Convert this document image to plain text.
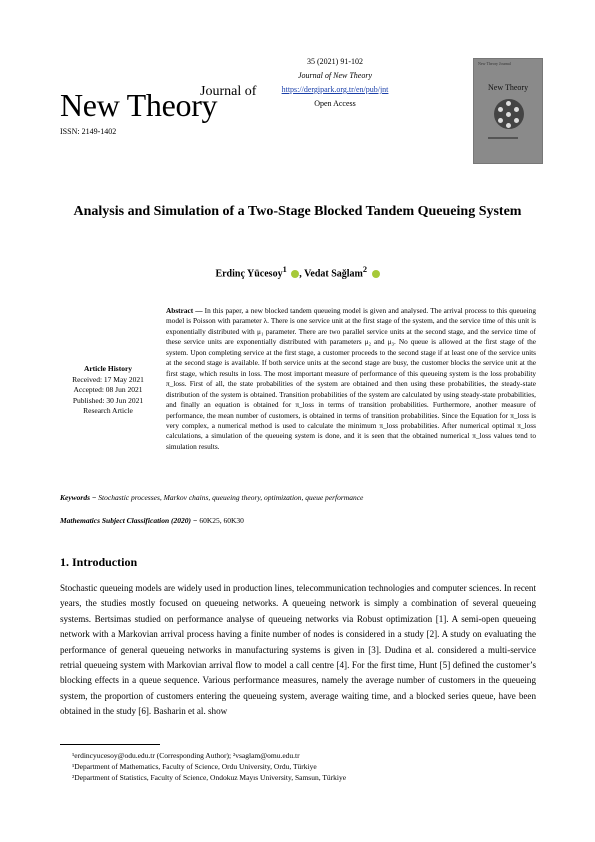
Journal of
New Theory
ISSN: 2149-1402
35 (2021) 91-102
Journal of New Theory
https://dergipark.org.tr/en/pub/jnt
Open Access
New Theory Journal
New Theory
Analysis and Simulation of a Two-Stage Blocked Tandem Queueing System
Erdinç Yücesoy$^1$ , Vedat Sağlam$^2$
Article History
Received: 17 May 2021
Accepted: 08 Jun 2021
Published: 30 Jun 2021
Research Article
Abstract — In this paper, a new blocked tandem queueing model is given and analysed. The arrival process to this queueing model is Poisson with parameter λ. There is one service unit at the first stage of the system, and the service time of this unit is exponentially distributed with μ₁ parameter. There are two parallel service units at the second stage, and the service time of these service units are exponentially distributed with parameters μ₂ and μ₃. No queue is allowed at the first stage of the system. Upon completing service at the first stage, a customer proceeds to the second stage if at least one of the service units at the second stage is available. If both service units at the second stage are busy, the customer blocks the service unit at the first stage, which results in loss. The most important measure of performance of this queueing system is the loss probability π_loss. First of all, the state probabilities of the system are obtained and then using these probabilities, the steady-state distribution of the system is obtained. Transition probabilities of the system are calculated by using steady-state probabilities, and finally an equation is obtained for π_loss in terms of transition probabilities. Furthermore, another measure of performance, the mean number of customers, is obtained in terms of transition probabilities. Since the Equation for π_loss is very complex, a numerical method is used to calculate the minimum π_loss probabilities. After numerical optimal π_loss calculations, a simulation of the queueing system is done, and it is seen that the obtained numerical π_loss values tend to simulation results.
Keywords − Stochastic processes, Markov chains, queueing theory, optimization, queue performance
Mathematics Subject Classification (2020) − 60K25, 60K30
1. Introduction
Stochastic queueing models are widely used in production lines, telecommunication technologies and computer sciences. In recent years, the studies mostly focused on queueing networks. A queueing network is simply a combination of several queueing systems. Bertsimas studied on performance analyse of queueing networks via Robust optimization [1]. A semi-open queueing network with a Markovian arrival process having a finite number of nodes is considered in a study [2]. A study on evaluating the performance of general queueing networks in manufacturing systems is given in [3]. Dudina et al. considered a multi-service retrial queueing system with Markovian arrival flow to model a call centre [4]. For the first time, Hunt [5] defined the customer’s blocking effects in a queue sequence. Various performance measures, namely the average number of customers in the queueing system, the proportion of customers entering the queueing system, average waiting time, and a blocked series queue, have been obtained in the study [6]. Basharin et al. show
¹erdincyucesoy@odu.edu.tr (Corresponding Author); ²vsaglam@omu.edu.tr
¹Department of Mathematics, Faculty of Science, Ordu University, Ordu, Türkiye
²Department of Statistics, Faculty of Science, Ondokuz Mayıs University, Samsun, Türkiye
